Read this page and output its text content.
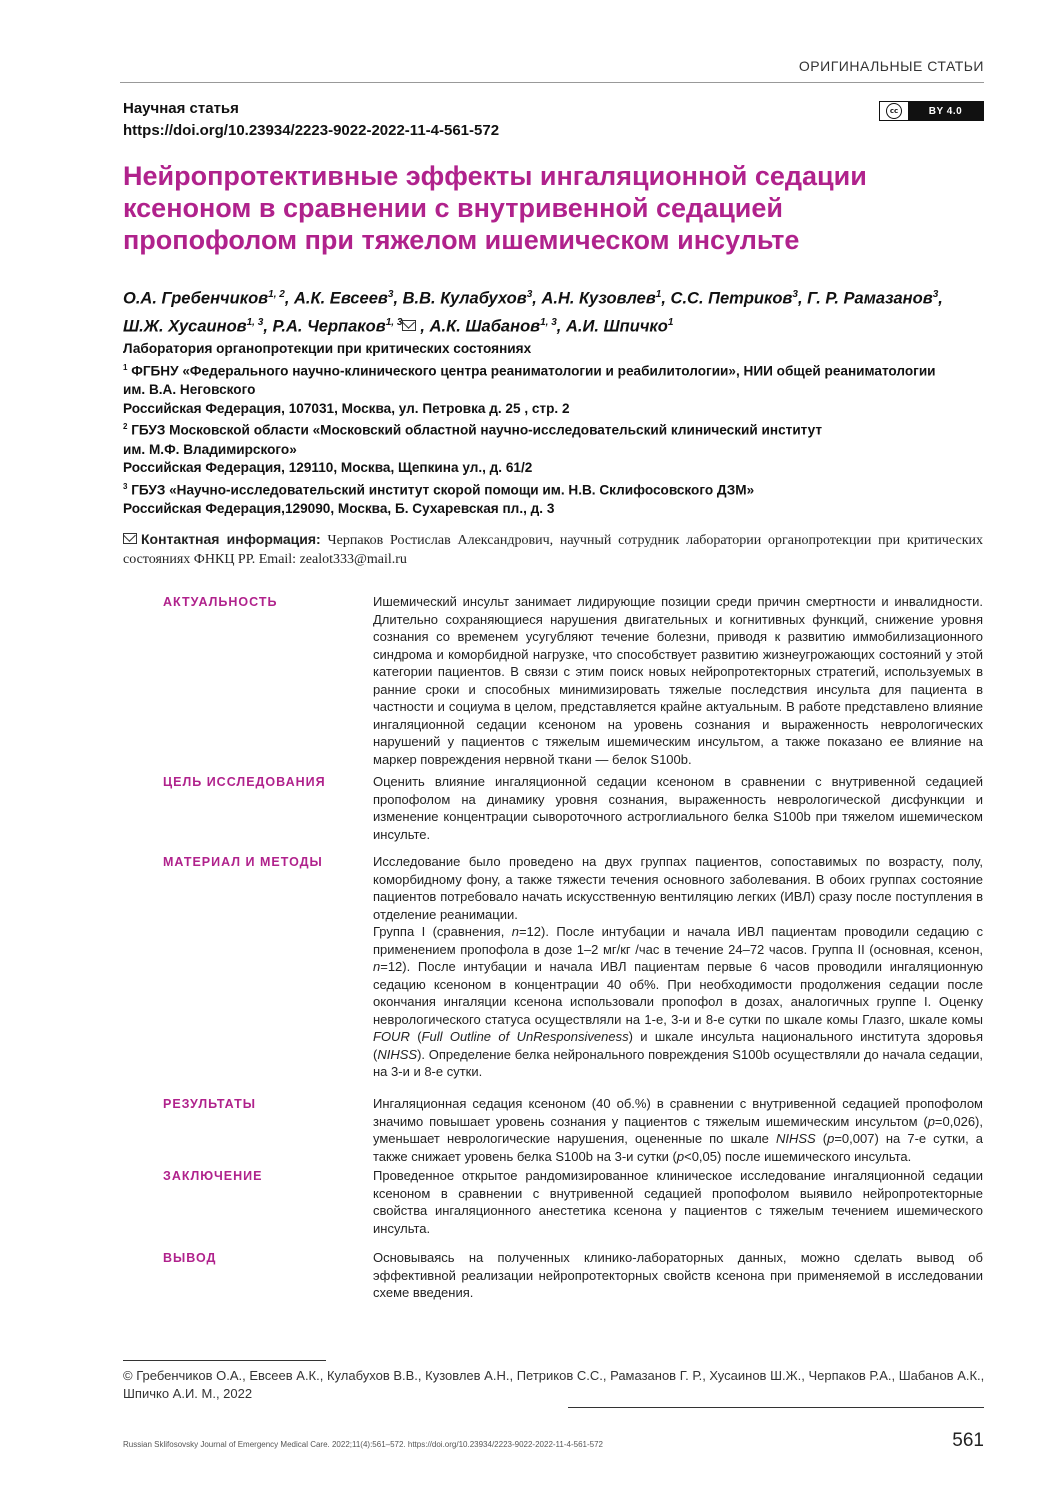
ОРИГИНАЛЬНЫЕ СТАТЬИ
Научная статья
https://doi.org/10.23934/2223-9022-2022-11-4-561-572
cc	BY 4.0
Нейропротективные эффекты ингаляционной седации
ксеноном в сравнении с внутривенной седацией
пропофолом при тяжелом ишемическом инсульте
О.А. Гребенчиков$^{1, 2}$, А.К. Евсеев$^3$, В.В. Кулабухов$^3$, А.Н. Кузовлев$^1$, С.С. Петриков$^3$, Г. Р. Рамазанов$^3$,
Ш.Ж. Хусаинов$^{1, 3}$, Р.А. Черпаков$^{1, 3}$ , А.К. Шабанов$^{1, 3}$, А.И. Шпичко$^1$
Лаборатория органопротекции при критических состояниях
$^1$ ФГБНУ «Федерального научно-клинического центра реаниматологии и реабилитологии», НИИ общей реаниматологии
им. В.А. Неговского
Российская Федерация, 107031, Москва, ул. Петровка д. 25 , стр. 2
$^2$ ГБУЗ Московской области «Московский областной научно-исследовательский клинический институт
им. М.Ф. Владимирского»
Российская Федерация, 129110, Москва, Щепкина ул., д. 61/2
$^3$ ГБУЗ «Научно-исследовательский институт скорой помощи им. Н.В. Склифосовского ДЗМ»
Российская Федерация,129090, Москва, Б. Сухаревская пл., д. 3
Контактная информация: Черпаков Ростислав Александрович, научный сотрудник лаборатории органопротекции при критических состояниях ФНКЦ РР. Email: zealot333@mail.ru
АКТУАЛЬНОСТЬ	Ишемический инсульт занимает лидирующие позиции среди причин смертности и инвалидности. Длительно сохраняющиеся нарушения двигательных и когнитивных функций, снижение уровня сознания со временем усугубляют течение болезни, приводя к развитию иммобилизационного синдрома и коморбидной нагрузке, что способствует развитию жизнеугрожающих состояний у этой категории пациентов. В связи с этим поиск новых нейропротекторных стратегий, используемых в ранние сроки и способных минимизировать тяжелые последствия инсульта для пациента в частности и социума в целом, представляется крайне актуальным. В работе представлено влияние ингаляционной седации ксеноном на уровень сознания и выраженность неврологических нарушений у пациентов с тяжелым ишемическим инсультом, а также показано ее влияние на маркер повреждения нервной ткани — белок S100b.
ЦЕЛЬ ИССЛЕДОВАНИЯ	Оценить влияние ингаляционной седации ксеноном в сравнении с внутривенной седацией пропофолом на динамику уровня сознания, выраженность неврологической дисфункции и изменение концентрации сывороточного астроглиального белка S100b при тяжелом ишемическом инсульте.
МАТЕРИАЛ И МЕТОДЫ	Исследование было проведено на двух группах пациентов, сопоставимых по возрасту, полу, коморбидному фону, а также тяжести течения основного заболевания. В обоих группах состояние пациентов потребовало начать искусственную вентиляцию легких (ИВЛ) сразу после поступления в отделение реанимации.
Группа I (сравнения, n=12). После интубации и начала ИВЛ пациентам проводили седацию с применением пропофола в дозе 1–2 мг/кг /час в течение 24–72 часов. Группа II (основная, ксенон, n=12). После интубации и начала ИВЛ пациентам первые 6 часов проводили ингаляционную седацию ксеноном в концентрации 40 об%. При необходимости продолжения седации после окончания ингаляции ксенона использовали пропофол в дозах, аналогичных группе I. Оценку неврологического статуса осуществляли на 1-е, 3-и и 8-е сутки по шкале комы Глазго, шкале комы FOUR (Full Outline of UnResponsiveness) и шкале инсульта национального института здоровья (NIHSS). Определение белка нейронального повреждения S100b осуществляли до начала седации, на 3-и и 8-е сутки.
РЕЗУЛЬТАТЫ	Ингаляционная седация ксеноном (40 об.%) в сравнении с внутривенной седацией пропофолом значимо повышает уровень сознания у пациентов с тяжелым ишемическим инсультом (p=0,026), уменьшает неврологические нарушения, оцененные по шкале NIHSS (p=0,007) на 7-е сутки, а также снижает уровень белка S100b на 3-и сутки (p<0,05) после ишемического инсульта.
ЗАКЛЮЧЕНИЕ	Проведенное открытое рандомизированное клиническое исследование ингаляционной седации ксеноном в сравнении с внутривенной седацией пропофолом выявило нейропротекторные свойства ингаляционного анестетика ксенона у пациентов с тяжелым течением ишемического инсульта.
ВЫВОД	Основываясь на полученных клинико-лабораторных данных, можно сделать вывод об эффективной реализации нейропротекторных свойств ксенона при применяемой в исследовании схеме введения.
© Гребенчиков О.А., Евсеев А.К., Кулабухов В.В., Кузовлев А.Н., Петриков С.С., Рамазанов Г. Р., Хусаинов Ш.Ж., Черпаков Р.А., Шабанов А.К., Шпичко А.И. М., 2022
Russian Sklifosovsky Journal of Emergency Medical Care. 2022;11(4):561–572. https://doi.org/10.23934/2223-9022-2022-11-4-561-572	561
